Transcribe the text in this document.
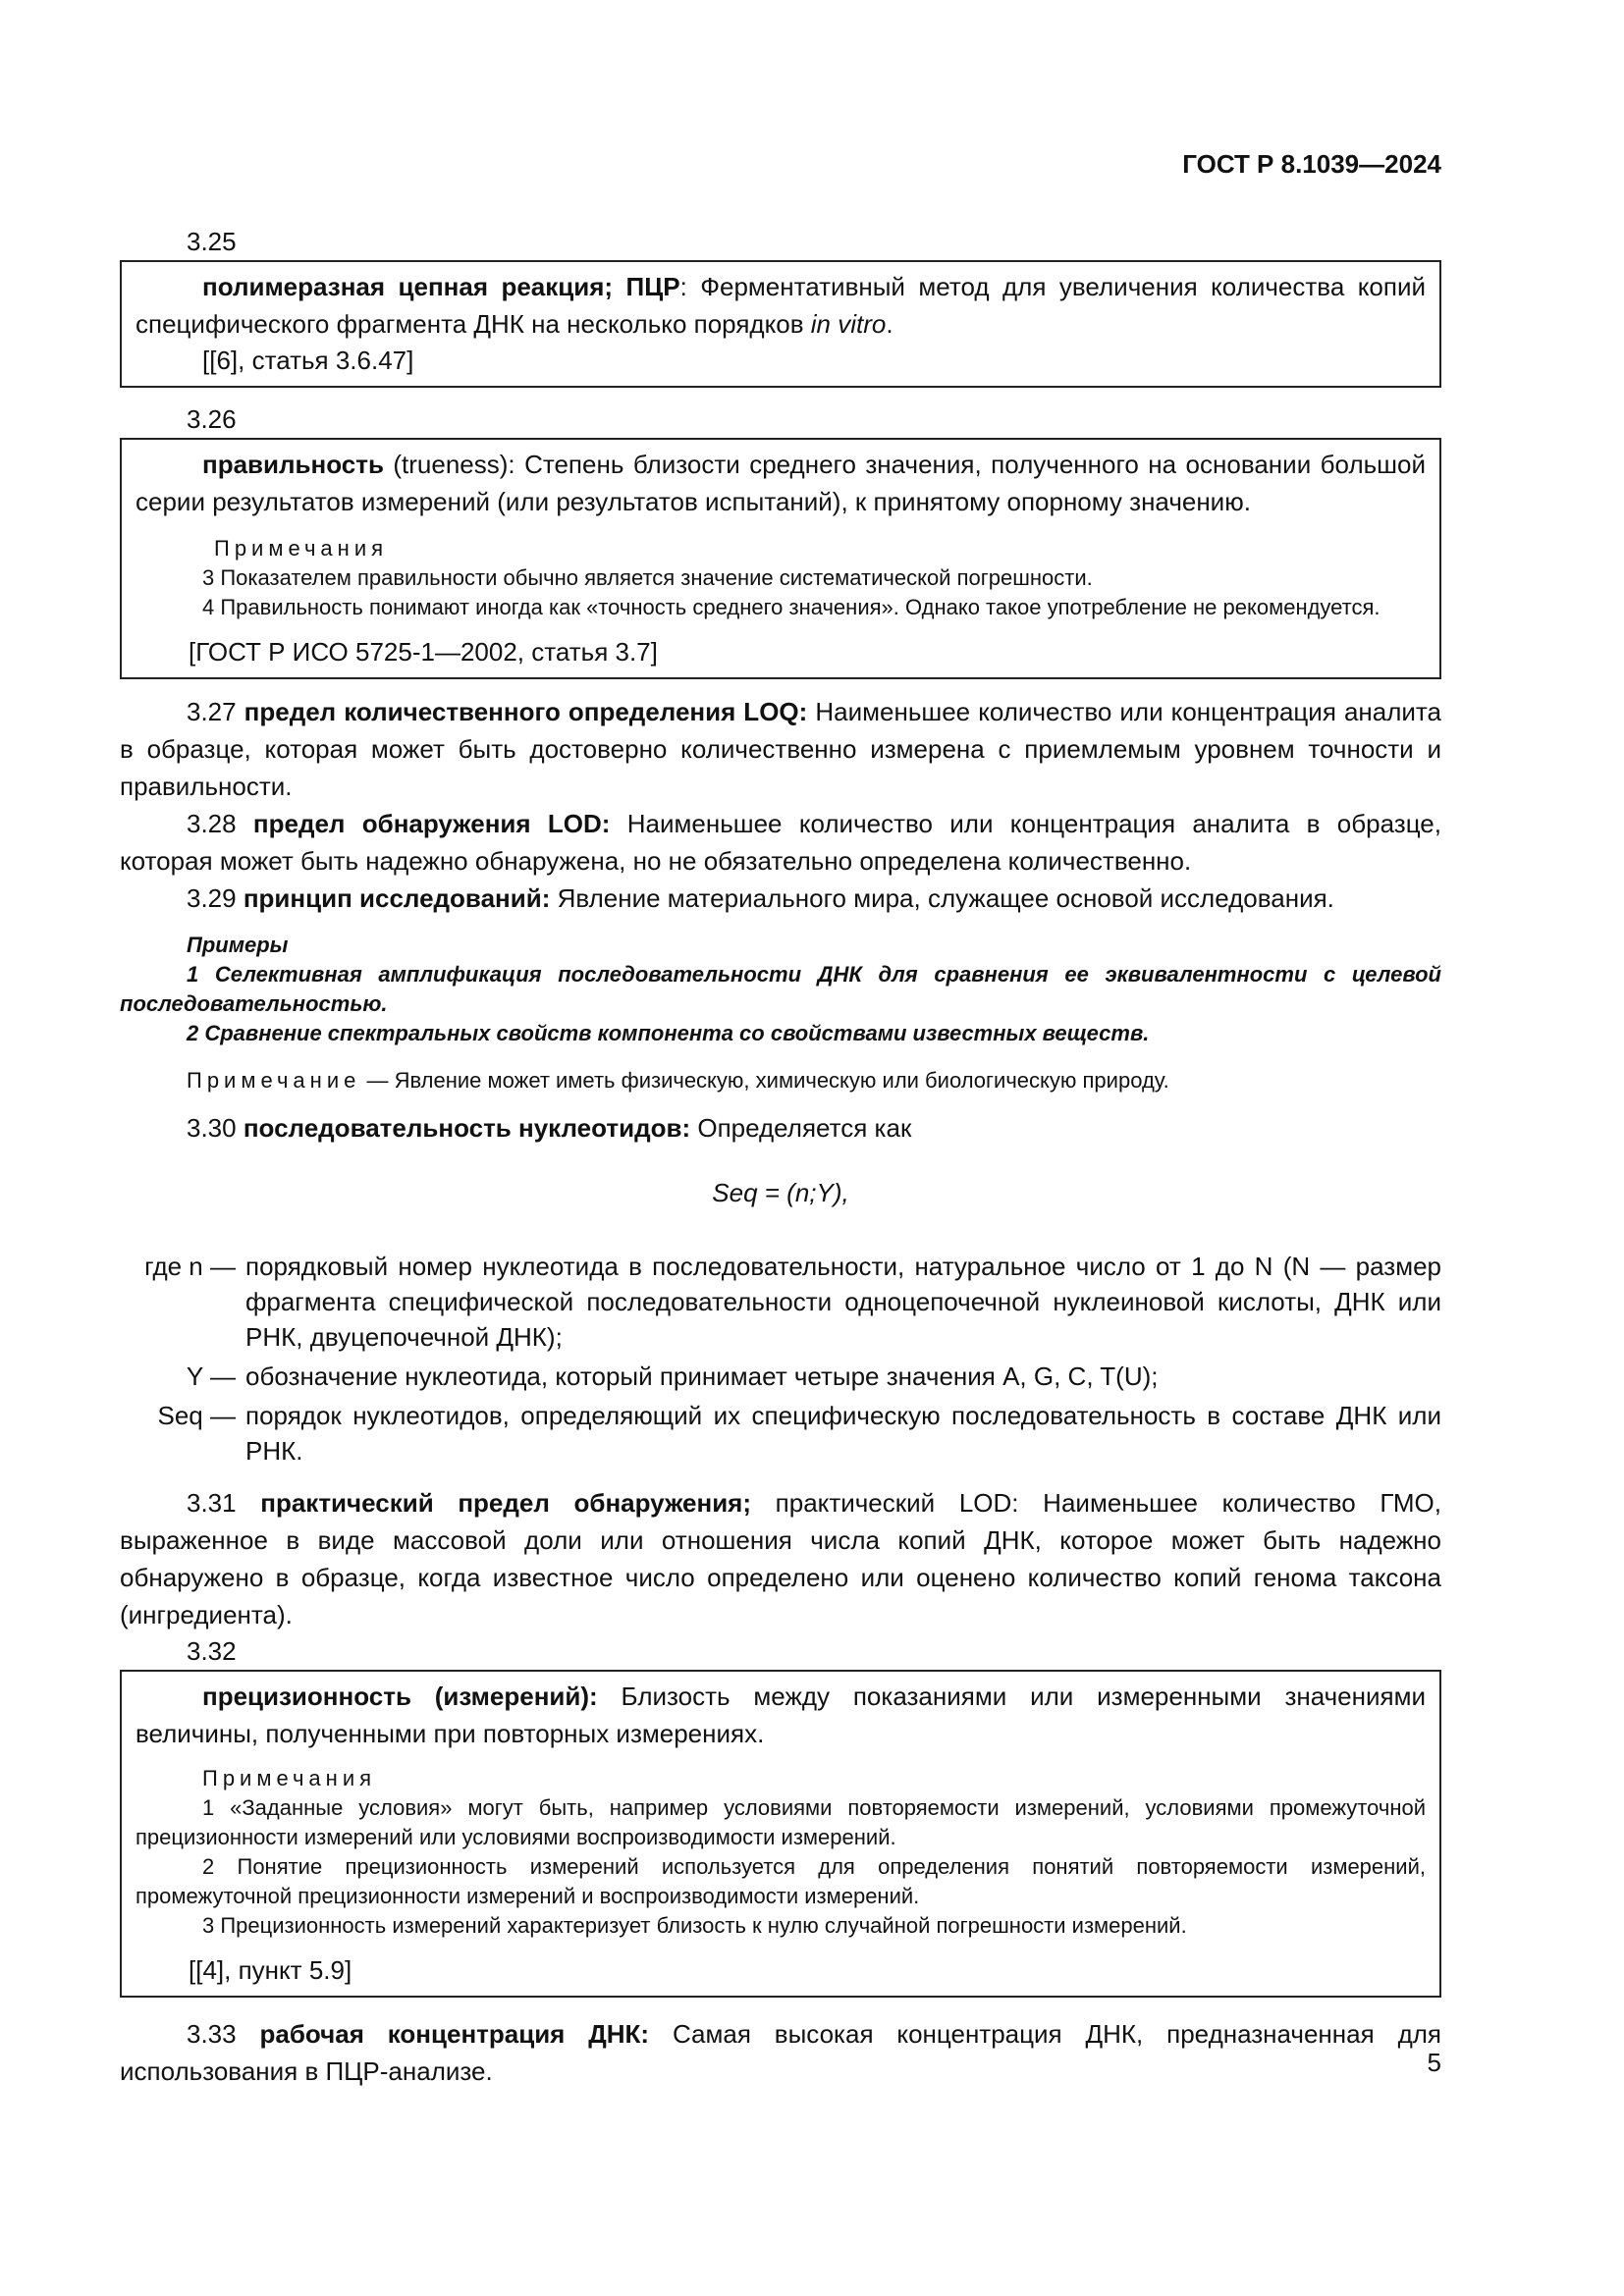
ГОСТ Р 8.1039—2024
3.25

полимеразная цепная реакция; ПЦР: Ферментативный метод для увеличения количества копий специфического фрагмента ДНК на несколько порядков in vitro.

[[6], статья 3.6.47]
3.26

правильность (trueness): Степень близости среднего значения, полученного на основании большой серии результатов измерений (или результатов испытаний), к принятому опорному значению.

Примечания

3 Показателем правильности обычно является значение систематической погрешности.

4 Правильность понимают иногда как «точность среднего значения». Однако такое употребление не рекомендуется.

[ГОСТ Р ИСО 5725-1—2002, статья 3.7]

3.27 предел количественного определения LOQ: Наименьшее количество или концентрация аналита в образце, которая может быть достоверно количественно измерена с приемлемым уровнем точности и правильности.

3.28 предел обнаружения LOD: Наименьшее количество или концентрация аналита в образце, которая может быть надежно обнаружена, но не обязательно определена количественно.

3.29 принцип исследований: Явление материального мира, служащее основой исследования.

Примеры

1 Селективная амплификация последовательности ДНК для сравнения ее эквивалентности с целевой последовательностью.

2 Сравнение спектральных свойств компонента со свойствами известных веществ.

Примечание — Явление может иметь физическую, химическую или биологическую природу.

3.30 последовательность нуклеотидов: Определяется как

Seq = (n;Y),
где n — порядковый номер нуклеотида в последовательности, натуральное число от 1 до N (N — размер фрагмента специфической последовательности одноцепочечной нуклеиновой кислоты, ДНК или РНК, двуцепочечной ДНК);
Y — обозначение нуклеотида, который принимает четыре значения A, G, C, T(U);
Seq — порядок нуклеотидов, определяющий их специфическую последовательность в составе ДНК или РНК.

3.31 практический предел обнаружения; практический LOD: Наименьшее количество ГМО, выраженное в виде массовой доли или отношения числа копий ДНК, которое может быть надежно обнаружено в образце, когда известное число определено или оценено количество копий генома таксона (ингредиента).

3.32

прецизионность (измерений): Близость между показаниями или измеренными значениями величины, полученными при повторных измерениях.

Примечания

1 «Заданные условия» могут быть, например условиями повторяемости измерений, условиями промежуточной прецизионности измерений или условиями воспроизводимости измерений.

2 Понятие прецизионность измерений используется для определения понятий повторяемости измерений, промежуточной прецизионности измерений и воспроизводимости измерений.

3 Прецизионность измерений характеризует близость к нулю случайной погрешности измерений.

[[4], пункт 5.9]

3.33 рабочая концентрация ДНК: Самая высокая концентрация ДНК, предназначенная для использования в ПЦР-анализе.	5
